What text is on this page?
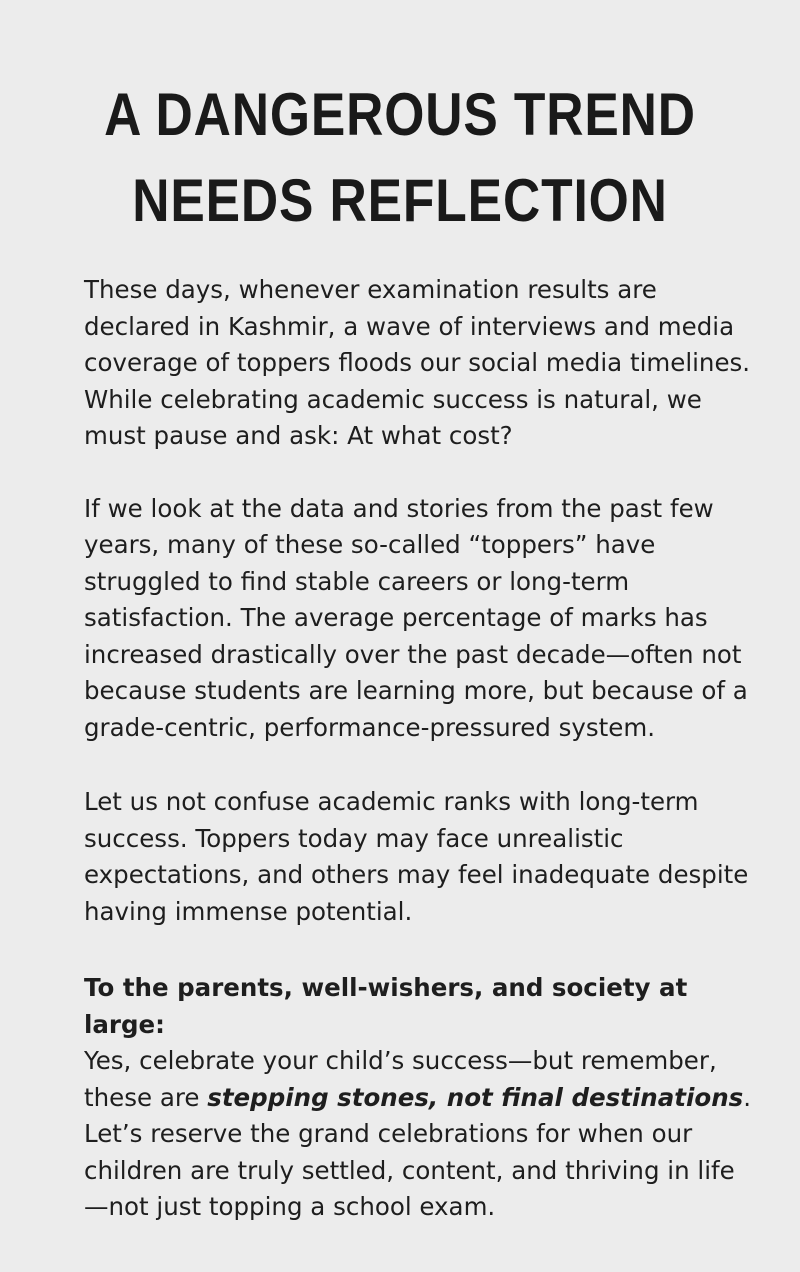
A DANGEROUS TREND
NEEDS REFLECTION

These days, whenever examination results are declared in Kashmir, a wave of interviews and media coverage of toppers floods our social media timelines. While celebrating academic success is natural, we must pause and ask: At what cost?

If we look at the data and stories from the past few years, many of these so-called “toppers” have struggled to find stable careers or long-term satisfaction. The average percentage of marks has increased drastically over the past decade—often not because students are learning more, but because of a grade-centric, performance-pressured system.

Let us not confuse academic ranks with long-term success. Toppers today may face unrealistic expectations, and others may feel inadequate despite having immense potential.

To the parents, well-wishers, and society at large:
Yes, celebrate your child’s success—but remember, these are stepping stones, not final destinations. Let’s reserve the grand celebrations for when our children are truly settled, content, and thriving in life—not just topping a school exam.
